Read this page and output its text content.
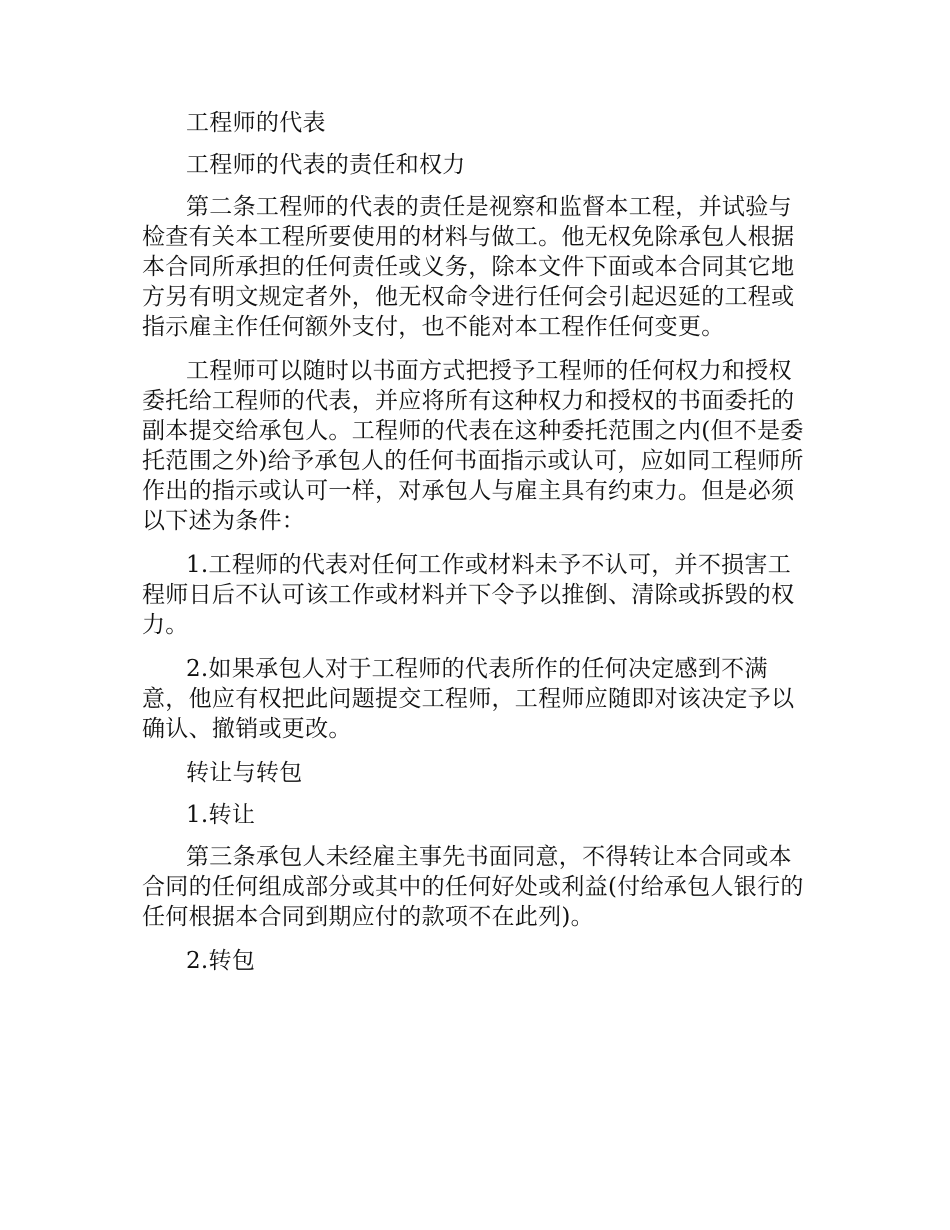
工程师的代表

工程师的代表的责任和权力

第二条工程师的代表的责任是视察和监督本工程，并试验与检查有关本工程所要使用的材料与做工。他无权免除承包人根据本合同所承担的任何责任或义务，除本文件下面或本合同其它地方另有明文规定者外，他无权命令进行任何会引起迟延的工程或指示雇主作任何额外支付，也不能对本工程作任何变更。

工程师可以随时以书面方式把授予工程师的任何权力和授权委托给工程师的代表，并应将所有这种权力和授权的书面委托的副本提交给承包人。工程师的代表在这种委托范围之内(但不是委托范围之外)给予承包人的任何书面指示或认可，应如同工程师所作出的指示或认可一样，对承包人与雇主具有约束力。但是必须以下述为条件：

1.工程师的代表对任何工作或材料未予不认可，并不损害工程师日后不认可该工作或材料并下令予以推倒、清除或拆毁的权力。

2.如果承包人对于工程师的代表所作的任何决定感到不满意，他应有权把此问题提交工程师，工程师应随即对该决定予以确认、撤销或更改。

转让与转包

1.转让

第三条承包人未经雇主事先书面同意，不得转让本合同或本合同的任何组成部分或其中的任何好处或利益(付给承包人银行的任何根据本合同到期应付的款项不在此列)。

2.转包
